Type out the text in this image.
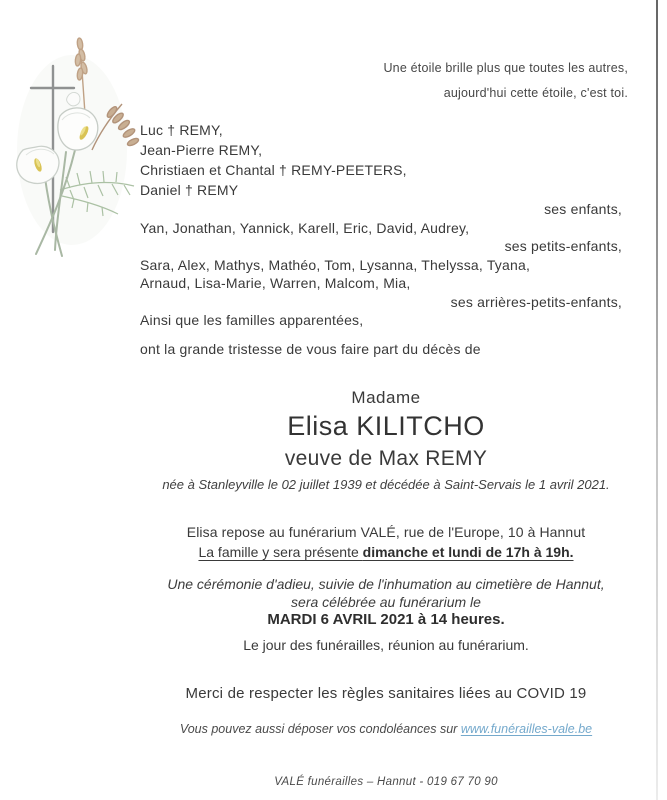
Une étoile brille plus que toutes les autres,
aujourd'hui cette étoile, c'est toi.
Luc † REMY,
Jean-Pierre REMY,
Christiaen et Chantal † REMY-PEETERS,
Daniel † REMY
ses enfants,
Yan, Jonathan, Yannick, Karell, Eric, David, Audrey,
ses petits-enfants,
Sara, Alex, Mathys, Mathéo, Tom, Lysanna, Thelyssa, Tyana,
Arnaud, Lisa-Marie, Warren, Malcom, Mia,
ses arrières-petits-enfants,
Ainsi que les familles apparentées,
ont la grande tristesse de vous faire part du décès de
Madame
Elisa KILITCHO
veuve de Max REMY
née à Stanleyville le 02 juillet 1939 et décédée à Saint-Servais le 1 avril 2021.
Elisa repose au funérarium VALÉ, rue de l'Europe, 10 à Hannut
La famille y sera présente dimanche et lundi de 17h à 19h.
Une cérémonie d'adieu, suivie de l'inhumation au cimetière de Hannut,
sera célébrée au funérarium le
MARDI 6 AVRIL 2021 à 14 heures.
Le jour des funérailles, réunion au funérarium.
Merci de respecter les règles sanitaires liées au COVID 19
Vous pouvez aussi déposer vos condoléances sur www.funérailles-vale.be
VALÉ funérailles – Hannut - 019 67 70 90
